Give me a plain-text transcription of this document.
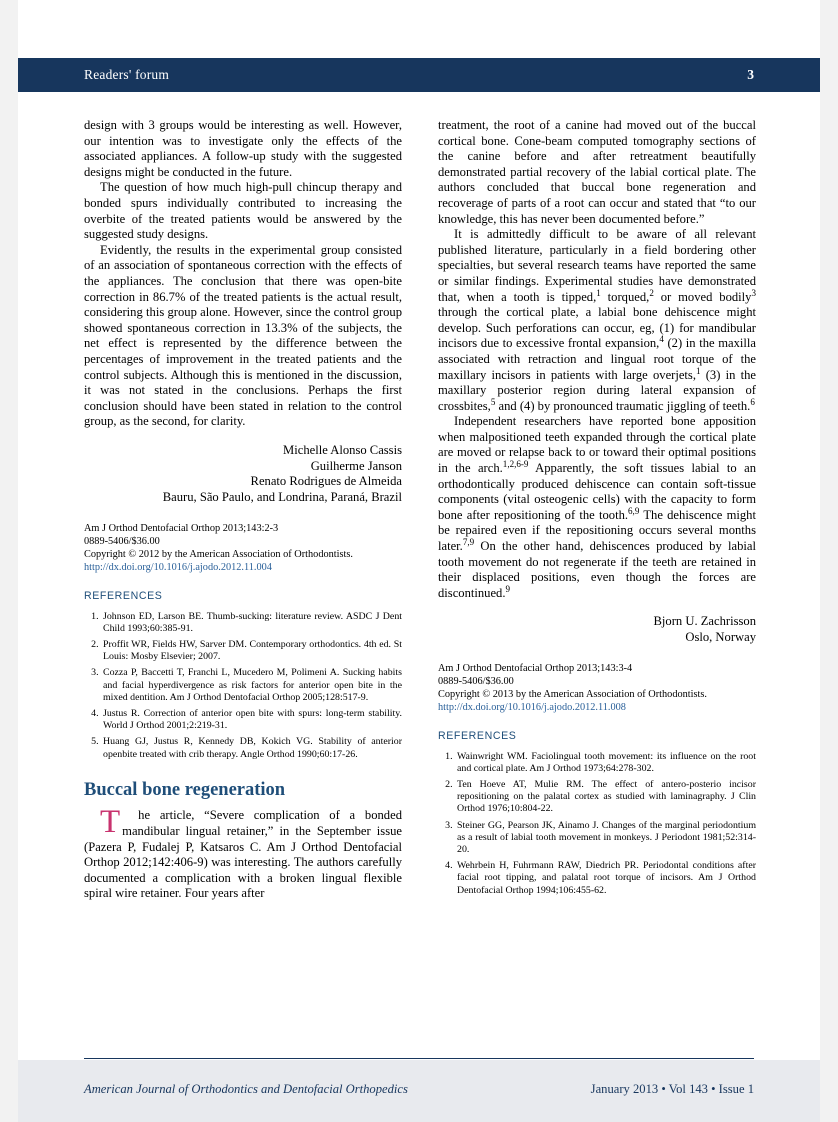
Readers' forum	3

design with 3 groups would be interesting as well. However, our intention was to investigate only the effects of the associated appliances. A follow-up study with the suggested designs might be conducted in the future.

The question of how much high-pull chincup therapy and bonded spurs individually contributed to increasing the overbite of the treated patients would be answered by the suggested study designs.

Evidently, the results in the experimental group consisted of an association of spontaneous correction with the effects of the appliances. The conclusion that there was open-bite correction in 86.7% of the treated patients is the actual result, considering this group alone. However, since the control group showed spontaneous correction in 13.3% of the subjects, the net effect is represented by the difference between the percentages of improvement in the treated patients and the control subjects. Although this is mentioned in the discussion, it was not stated in the conclusions. Perhaps the first conclusion should have been stated in relation to the control group, as the second, for clarity.

Michelle Alonso Cassis
Guilherme Janson
Renato Rodrigues de Almeida
Bauru, São Paulo, and Londrina, Paraná, Brazil
Am J Orthod Dentofacial Orthop 2013;143:2-3
0889-5406/$36.00
Copyright © 2012 by the American Association of Orthodontists.
http://dx.doi.org/10.1016/j.ajodo.2012.11.004
REFERENCES
1. Johnson ED, Larson BE. Thumb-sucking: literature review. ASDC J Dent Child 1993;60:385-91.
2. Proffit WR, Fields HW, Sarver DM. Contemporary orthodontics. 4th ed. St Louis: Mosby Elsevier; 2007.
3. Cozza P, Baccetti T, Franchi L, Mucedero M, Polimeni A. Sucking habits and facial hyperdivergence as risk factors for anterior open bite in the mixed dentition. Am J Orthod Dentofacial Orthop 2005;128:517-9.
4. Justus R. Correction of anterior open bite with spurs: long-term stability. World J Orthod 2001;2:219-31.
5. Huang GJ, Justus R, Kennedy DB, Kokich VG. Stability of anterior openbite treated with crib therapy. Angle Orthod 1990;60:17-26.
Buccal bone regeneration

T he article, “Severe complication of a bonded mandibular lingual retainer,” in the September issue (Pazera P, Fudalej P, Katsaros C. Am J Orthod Dentofacial Orthop 2012;142:406-9) was interesting. The authors carefully documented a complication with a broken lingual flexible spiral wire retainer. Four years after

treatment, the root of a canine had moved out of the buccal cortical bone. Cone-beam computed tomography sections of the canine before and after retreatment beautifully demonstrated partial recovery of the labial cortical plate. The authors concluded that buccal bone regeneration and recoverage of parts of a root can occur and stated that “to our knowledge, this has never been documented before.”

It is admittedly difficult to be aware of all relevant published literature, particularly in a field bordering other specialties, but several research teams have reported the same or similar findings. Experimental studies have demonstrated that, when a tooth is tipped,$^1$ torqued,$^2$ or moved bodily$^3$ through the cortical plate, a labial bone dehiscence might develop. Such perforations can occur, eg, (1) for mandibular incisors due to excessive frontal expansion,$^4$ (2) in the maxilla associated with retraction and lingual root torque of the maxillary incisors in patients with large overjets,$^1$ (3) in the maxillary posterior region during lateral expansion of crossbites,$^5$ and (4) by pronounced traumatic jiggling of teeth.$^6$

Independent researchers have reported bone apposition when malpositioned teeth expanded through the cortical plate are moved or relapse back to or toward their optimal positions in the arch.$^{1,2,6-9}$ Apparently, the soft tissues labial to an orthodontically produced dehiscence can contain soft-tissue components (vital osteogenic cells) with the capacity to form bone after repositioning of the tooth.$^{6,9}$ The dehiscence might be repaired even if the repositioning occurs several months later.$^{7,9}$ On the other hand, dehiscences produced by labial tooth movement do not regenerate if the teeth are retained in their displaced positions, even though the forces are discontinued.$^9$

Bjorn U. Zachrisson
Oslo, Norway
Am J Orthod Dentofacial Orthop 2013;143:3-4
0889-5406/$36.00
Copyright © 2013 by the American Association of Orthodontists.
http://dx.doi.org/10.1016/j.ajodo.2012.11.008
REFERENCES
1. Wainwright WM. Faciolingual tooth movement: its influence on the root and cortical plate. Am J Orthod 1973;64:278-302.
2. Ten Hoeve AT, Mulie RM. The effect of antero-posterio incisor repositioning on the palatal cortex as studied with laminagraphy. J Clin Orthod 1976;10:804-22.
3. Steiner GG, Pearson JK, Ainamo J. Changes of the marginal periodontium as a result of labial tooth movement in monkeys. J Periodont 1981;52:314-20.
4. Wehrbein H, Fuhrmann RAW, Diedrich PR. Periodontal conditions after facial root tipping, and palatal root torque of incisors. Am J Orthod Dentofacial Orthop 1994;106:455-62.
American Journal of Orthodontics and Dentofacial Orthopedics	January 2013 • Vol 143 • Issue 1
